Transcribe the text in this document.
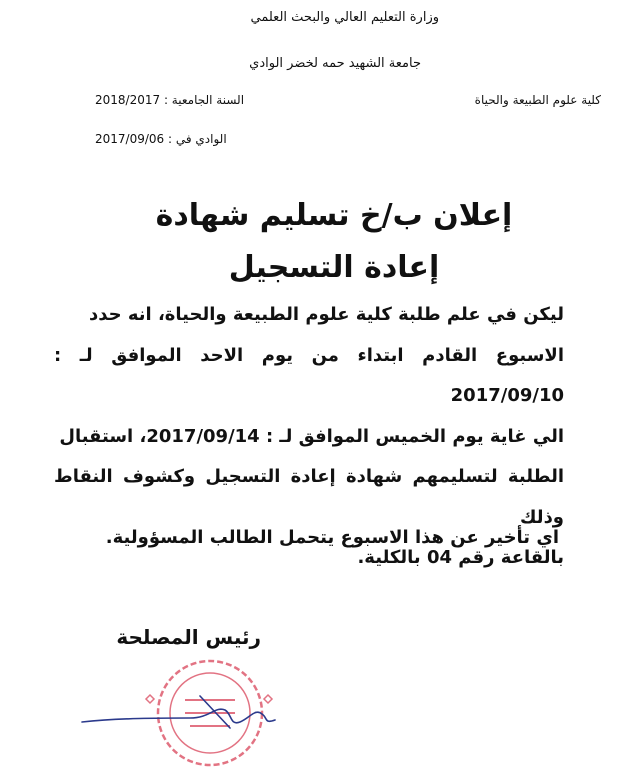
وزارة التعليم العالي والبحث العلمي
جامعة الشهيد حمه لخضر الوادي
كلية علوم الطبيعة والحياة
السنة الجامعية : 2018/2017
الوادي في : 2017/09/06
إعلان ب/خ تسليم شهادة إعادة التسجيل
ليكن في علم طلبة كلية علوم الطبيعة والحياة، انه حدد
الاسبوع القادم ابتداء من يوم الاحد الموافق لـ : 2017/09/10
الي غاية يوم الخميس الموافق لـ : 2017/09/14، استقبال
الطلبة لتسليمهم شهادة إعادة التسجيل وكشوف النقاط وذلك
بالقاعة رقم 04 بالكلية.
اي تأخير عن هذا الاسبوع يتحمل الطالب المسؤولية.
رئيس المصلحة
